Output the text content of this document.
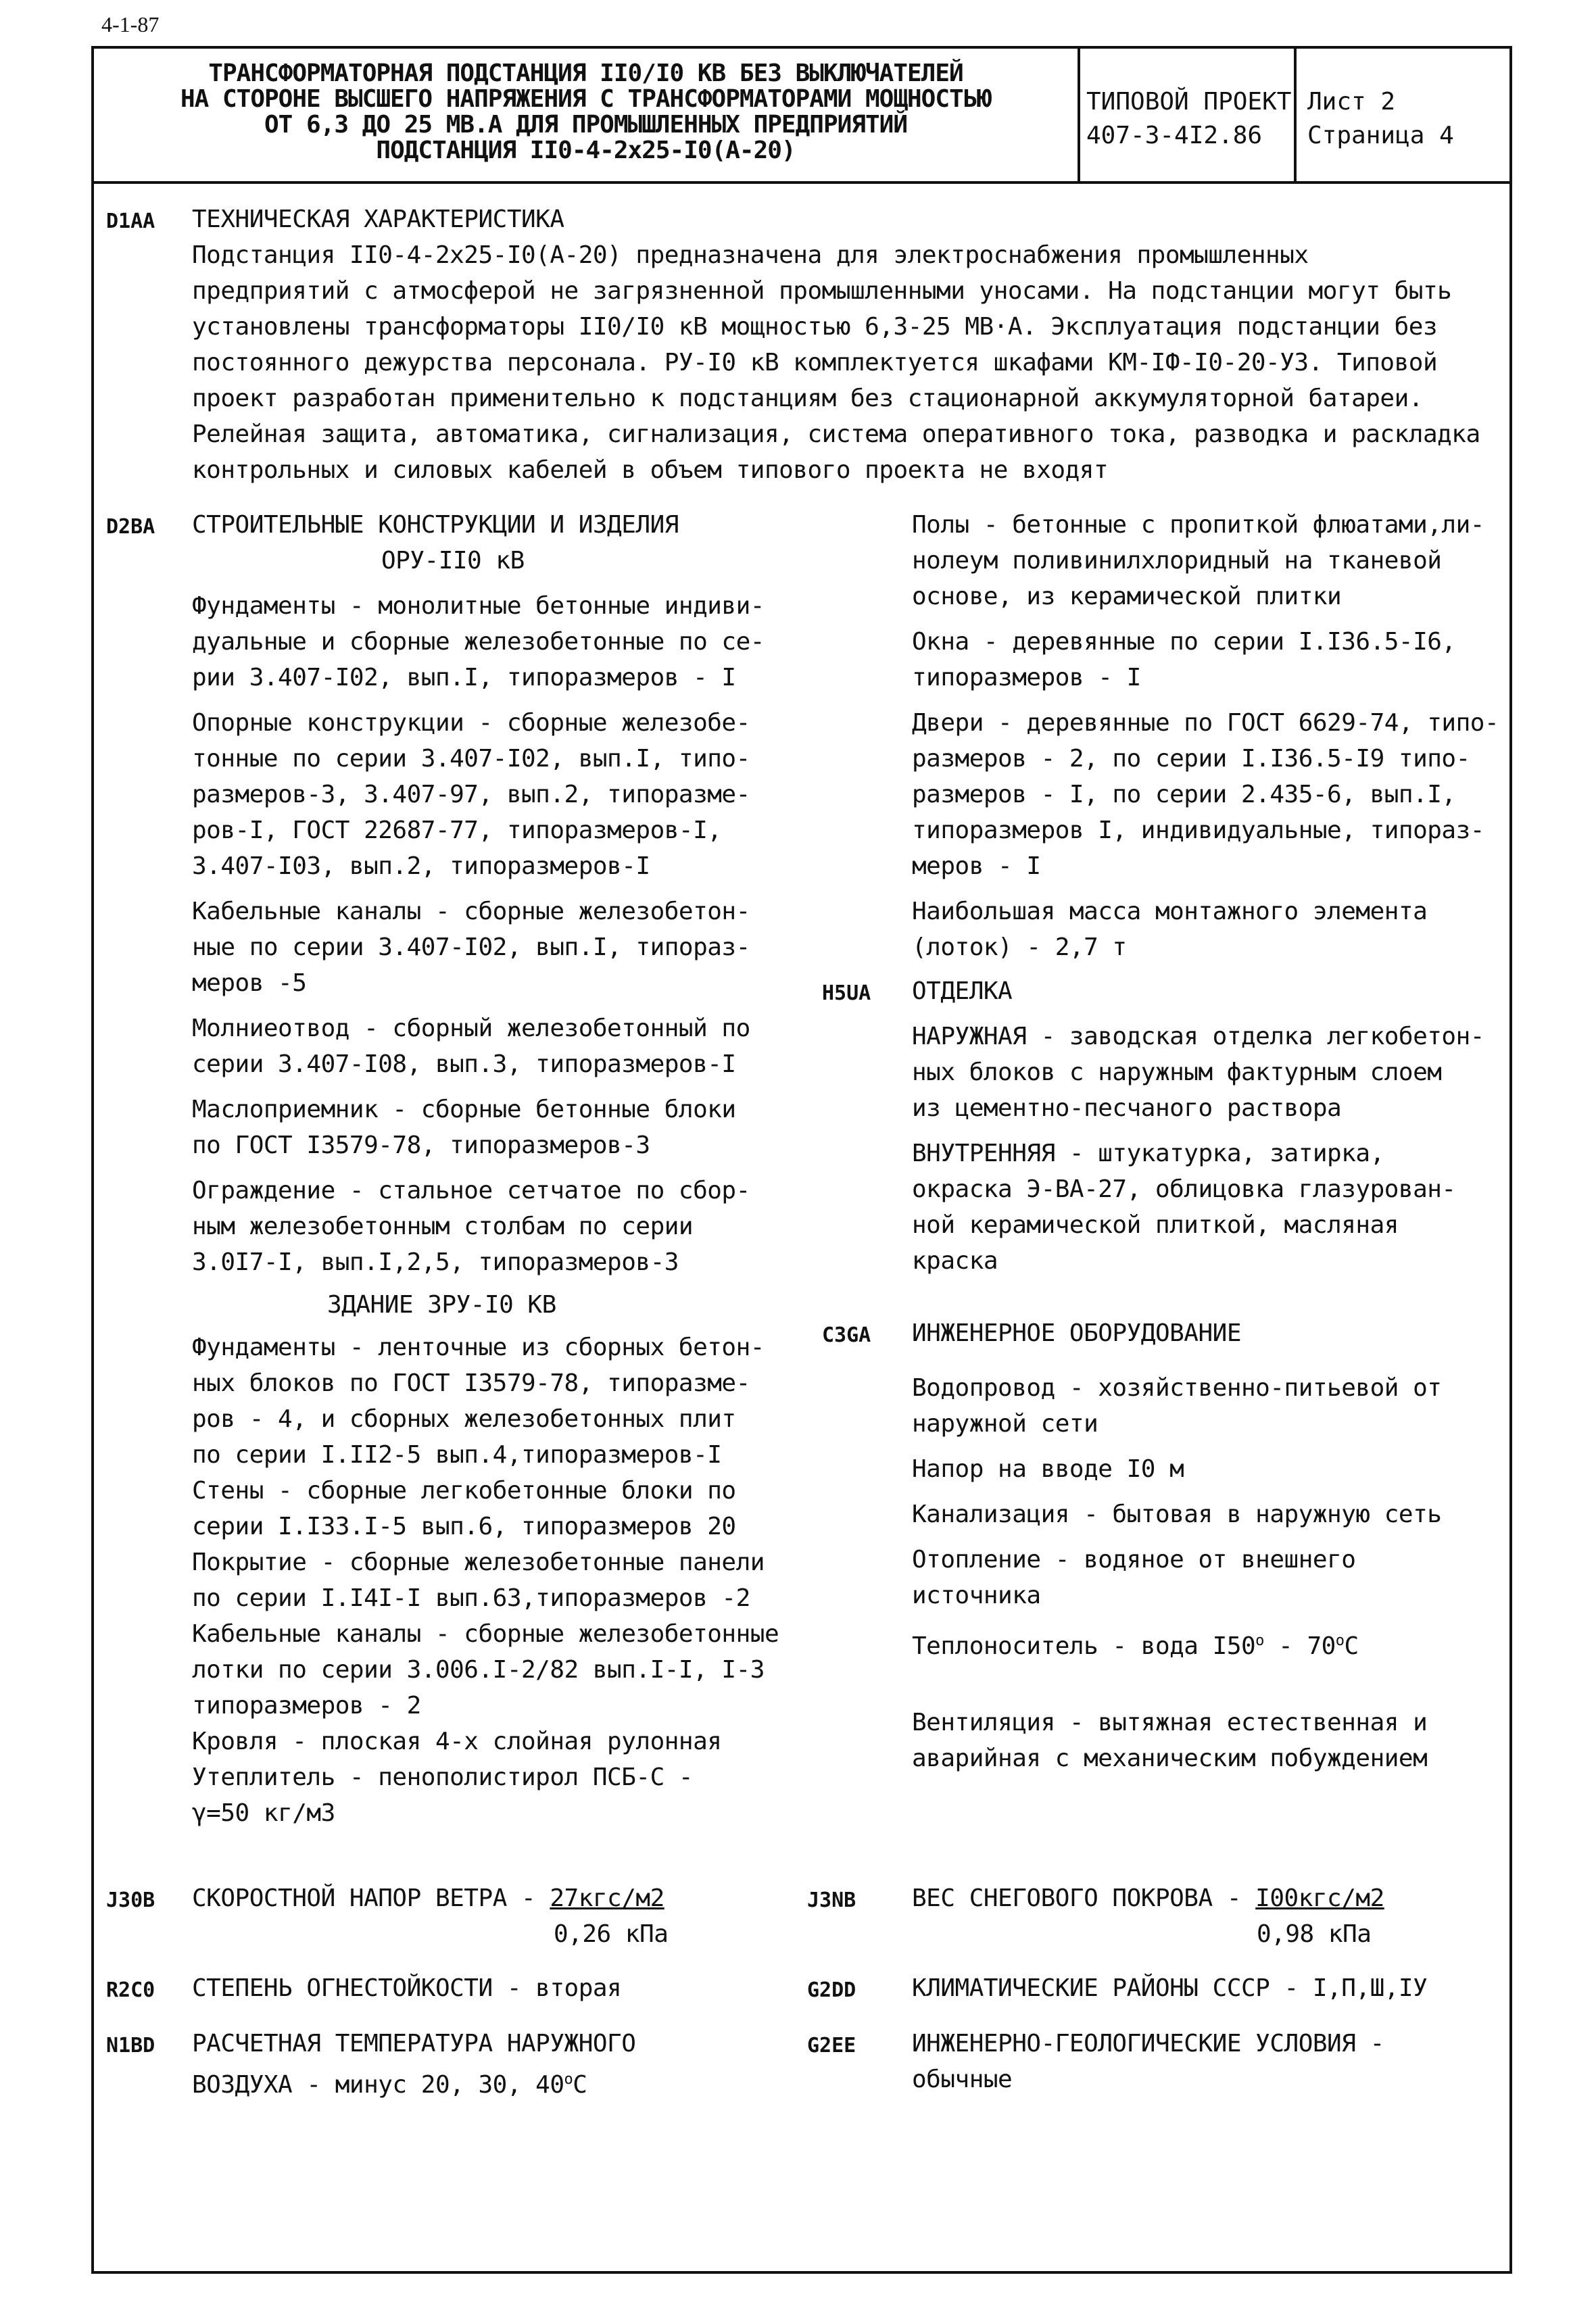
4-1-87
ТРАНСФОРМАТОРНАЯ ПОДСТАНЦИЯ II0/I0 КВ БЕЗ ВЫКЛЮЧАТЕЛЕЙ
НА СТОРОНЕ ВЫСШЕГО НАПРЯЖЕНИЯ С ТРАНСФОРМАТОРАМИ МОЩНОСТЬЮ
ОТ 6,3 ДО 25 МВ.А ДЛЯ ПРОМЫШЛЕННЫХ ПРЕДПРИЯТИЙ
ПОДСТАНЦИЯ II0-4-2х25-I0(А-20)
ТИПОВОЙ ПРОЕКТ
407-3-4I2.86
Лист 2
Страница 4
D1АА ТЕХНИЧЕСКАЯ ХАРАКТЕРИСТИКА
Подстанция II0-4-2х25-I0(А-20) предназначена для электроснабжения промышленных
предприятий с атмосферой не загрязненной промышленными уносами. На подстанции могут быть
установлены трансформаторы II0/I0 кВ мощностью 6,3-25 МВ·А. Эксплуатация подстанции без
постоянного дежурства персонала. РУ-I0 кВ комплектуется шкафами КМ-IФ-I0-20-УЗ. Типовой
проект разработан применительно к подстанциям без стационарной аккумуляторной батареи.
Релейная защита, автоматика, сигнализация, система оперативного тока, разводка и раскладка
контрольных и силовых кабелей в объем типового проекта не входят
D2ВА СТРОИТЕЛЬНЫЕ КОНСТРУКЦИИ И ИЗДЕЛИЯ
ОРУ-II0 кВ
Фундаменты - монолитные бетонные индиви-
дуальные и сборные железобетонные по се-
рии 3.407-I02, вып.I, типоразмеров - I
Опорные конструкции - сборные железобе-
тонные по серии 3.407-I02, вып.I, типо-
размеров-3, 3.407-97, вып.2, типоразме-
ров-I, ГОСТ 22687-77, типоразмеров-I,
3.407-I03, вып.2, типоразмеров-I
Кабельные каналы - сборные железобетон-
ные по серии 3.407-I02, вып.I, типораз-
меров -5
Молниеотвод - сборный железобетонный по
серии 3.407-I08, вып.3, типоразмеров-I
Маслоприемник - сборные бетонные блоки
по ГОСТ I3579-78, типоразмеров-3
Ограждение - стальное сетчатое по сбор-
ным железобетонным столбам по серии
3.0I7-I, вып.I,2,5, типоразмеров-3
ЗДАНИЕ ЗРУ-I0 КВ
Фундаменты - ленточные из сборных бетон-
ных блоков по ГОСТ I3579-78, типоразме-
ров - 4, и сборных железобетонных плит
по серии I.II2-5 вып.4,типоразмеров-I
Стены - сборные легкобетонные блоки по
серии I.I33.I-5 вып.6, типоразмеров 20
Покрытие - сборные железобетонные панели
по серии I.I4I-I вып.63,типоразмеров -2
Кабельные каналы - сборные железобетонные
лотки по серии 3.006.I-2/82 вып.I-I, I-3
типоразмеров - 2
Кровля - плоская 4-х слойная рулонная
Утеплитель - пенополистирол ПСБ-С -
γ=50 кг/м3
Полы - бетонные с пропиткой флюатами,ли-
нолеум поливинилхлоридный на тканевой
основе, из керамической плитки
Окна - деревянные по серии I.I36.5-I6,
типоразмеров - I
Двери - деревянные по ГОСТ 6629-74, типо-
размеров - 2, по серии I.I36.5-I9 типо-
размеров - I, по серии 2.435-6, вып.I,
типоразмеров I, индивидуальные, типораз-
меров - I
Наибольшая масса монтажного элемента
(лоток) - 2,7 т
Н5UА ОТДЕЛКА
НАРУЖНАЯ - заводская отделка легкобетон-
ных блоков с наружным фактурным слоем
из цементно-песчаного раствора
ВНУТРЕННЯЯ - штукатурка, затирка,
окраска Э-ВА-27, облицовка глазурован-
ной керамической плиткой, масляная
краска
С3GА ИНЖЕНЕРНОЕ ОБОРУДОВАНИЕ
Водопровод - хозяйственно-питьевой от
наружной сети
Напор на вводе I0 м
Канализация - бытовая в наружную сеть
Отопление - водяное от внешнего
источника
Теплоноситель - вода $I50^о - 70^оС$
Вентиляция - вытяжная естественная и
аварийная с механическим побуждением
J30В СКОРОСТНОЙ НАПОР ВЕТРА - 27кгс/м2
0,26 кПа
J3NВ ВЕС СНЕГОВОГО ПОКРОВА - I00кгс/м2
0,98 кПа
R2С0 СТЕПЕНЬ ОГНЕСТОЙКОСТИ - вторая	G2DD КЛИМАТИЧЕСКИЕ РАЙОНЫ СССР - I,П,Ш,IУ
N1ВD РАСЧЕТНАЯ ТЕМПЕРАТУРА НАРУЖНОГО
ВОЗДУХА - минус 20, 30, $40^оС$
G2ЕЕ ИНЖЕНЕРНО-ГЕОЛОГИЧЕСКИЕ УСЛОВИЯ -
обычные
